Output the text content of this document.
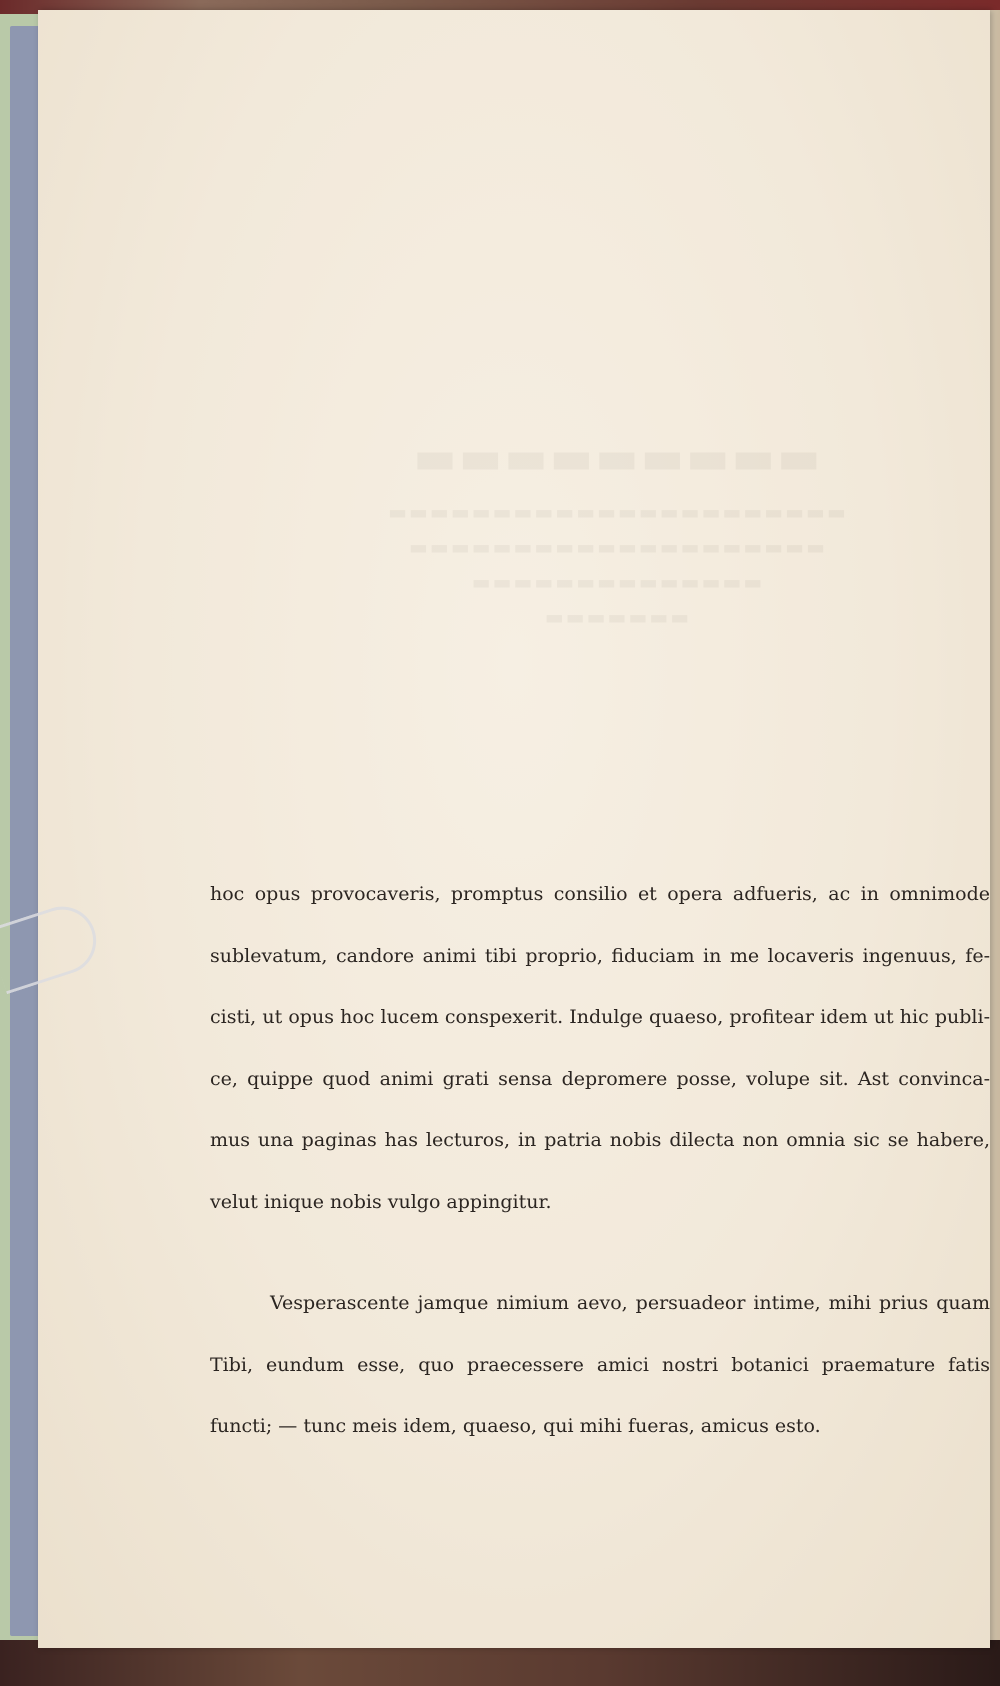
▬▬▬▬▬▬▬▬▬
▬▬▬▬▬▬▬▬▬▬▬▬▬▬▬▬▬▬▬▬▬▬
▬▬▬▬▬▬▬▬▬▬▬▬▬▬▬▬▬▬▬▬
▬▬▬▬▬▬▬▬▬▬▬▬▬▬
▬▬▬▬▬▬▬
hoc opus provocaveris, promptus consilio et opera adfueris, ac in omnimode
sublevatum, candore animi tibi proprio, fiduciam in me locaveris ingenuus, fe-
cisti, ut opus hoc lucem conspexerit. Indulge quaeso, profitear idem ut hic publi-
ce, quippe quod animi grati sensa depromere posse, volupe sit. Ast convinca-
mus una paginas has lecturos, in patria nobis dilecta non omnia sic se habere,
velut inique nobis vulgo appingitur.
Vesperascente jamque nimium aevo, persuadeor intime, mihi prius quam
Tibi, eundum esse, quo praecessere amici nostri botanici praemature fatis
functi; — tunc meis idem, quaeso, qui mihi fueras, amicus esto.
